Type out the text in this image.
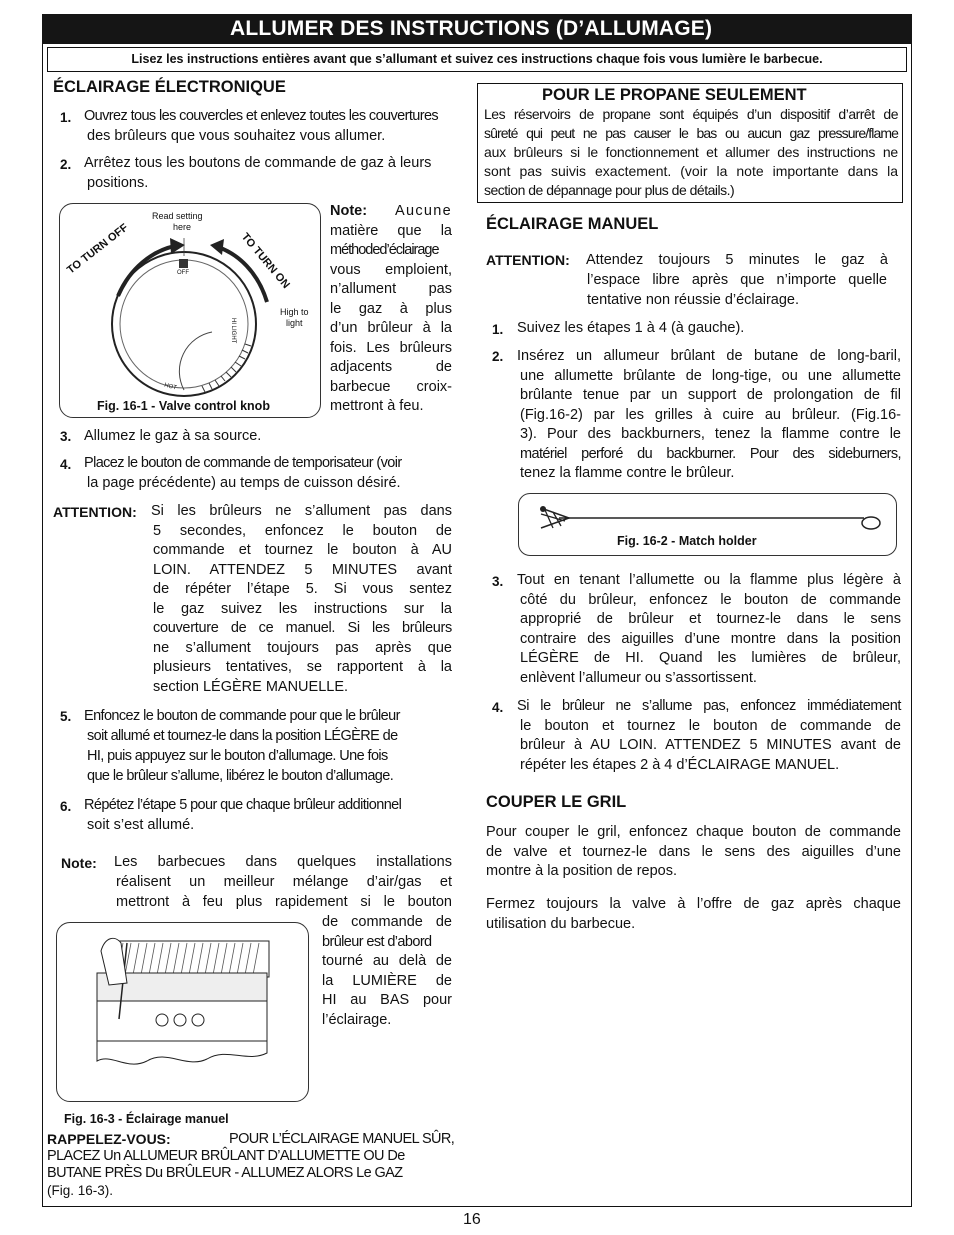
ALLUMER DES INSTRUCTIONS (D’ALLUMAGE)
Lisez les instructions entières avant que s’allumant et suivez ces instructions chaque fois vous lumière le barbecue.
ÉCLAIRAGE ÉLECTRONIQUE
1. Ouvrez tous les couvercles et enlevez toutes les couvertures
des brûleurs que vous souhaitez vous allumer.
2. Arrêtez tous les boutons de commande de gaz à leurs
positions.
Read setting
here
TO TURN OFF	TO TURN ON
OFF
High to
light
HI LIGHT
HOT
Fig. 16-1 - Valve control knob
Note: Aucune
matière que la
méthoded’éclairage
vous emploient,
n’allument pas
le gaz à plus
d’un brûleur à la
fois. Les brûleurs
adjacents de
barbecue croix-
mettront à feu.
3. Allumez le gaz à sa source.
4. Placez le bouton de commande de temporisateur (voir
la page précédente) au temps de cuisson désiré.
ATTENTION: Si les brûleurs ne s’allument pas dans
5 secondes, enfoncez le bouton de
commande et tournez le bouton à AU
LOIN. ATTENDEZ 5 MINUTES avant
de répéter l’étape 5. Si vous sentez
le gaz suivez les instructions sur la
couverture de ce manuel. Si les brûleurs
ne s’allument toujours pas après que
plusieurs tentatives, se rapportent à la
section LÉGÈRE MANUELLE.
5. Enfoncez le bouton de commande pour que le brûleur
soit allumé et tournez-le dans la position LÉGÈRE de
HI, puis appuyez sur le bouton d’allumage. Une fois
que le brûleur s’allume, libérez le bouton d’allumage.
6. Répétez l’étape 5 pour que chaque brûleur additionnel
soit s’est allumé.
Note: Les barbecues dans quelques installations
réalisent un meilleur mélange d’air/gas et
mettront à feu plus rapidement si le bouton
de commande de
brûleur est d’abord
tourné au delà de
la LUMIÈRE de
HI au BAS pour
l’éclairage.
Fig. 16-3 - Éclairage manuel
RAPPELEZ-VOUS:	POUR L’ÉCLAIRAGE MANUEL SÛR,
PLACEZ Un ALLUMEUR BRÛLANT D’ALLUMETTE OU De
BUTANE PRÈS Du BRÛLEUR - ALLUMEZ ALORS Le GAZ
(Fig. 16-3).
POUR LE PROPANE SEULEMENT
Les réservoirs de propane sont équipés d’un dispositif d’arrêt de
sûreté qui peut ne pas causer le bas ou aucun gaz pressure/flame
aux brûleurs si le fonctionnement et allumer des instructions ne
sont pas suivis exactement. (voir la note importante dans la
section de dépannage pour plus de détails.)
ÉCLAIRAGE MANUEL
ATTENTION: Attendez toujours 5 minutes le gaz à
l’espace libre après que n’importe quelle
tentative non réussie d’éclairage.
1. Suivez les étapes 1 à 4 (à gauche).
2. Insérez un allumeur brûlant de butane de long-baril,
une allumette brûlante de long-tige, ou une allumette
brûlante tenue par un support de prolongation de fil
(Fig.16-2) par les grilles à cuire au brûleur. (Fig.16-
3). Pour des backburners, tenez la flamme contre le
matériel perforé du backburner. Pour des sideburners,
tenez la flamme contre le brûleur.
Fig. 16-2 - Match holder
3. Tout en tenant l’allumette ou la flamme plus légère à
côté du brûleur, enfoncez le bouton de commande
approprié de brûleur et tournez-le dans le sens
contraire des aiguilles d’une montre dans la position
LÉGÈRE de HI. Quand les lumières de brûleur,
enlèvent l’allumeur ou s’assortissent.
4. Si le brûleur ne s’allume pas, enfoncez immédiatement
le bouton et tournez le bouton de commande de
brûleur à AU LOIN. ATTENDEZ 5 MINUTES avant de
répéter les étapes 2 à 4 d’ÉCLAIRAGE MANUEL.
COUPER LE GRIL
Pour couper le gril, enfoncez chaque bouton de commande
de valve et tournez-le dans le sens des aiguilles d’une
montre à la position de repos.
Fermez toujours la valve à l’offre de gaz après chaque
utilisation du barbecue.
16
